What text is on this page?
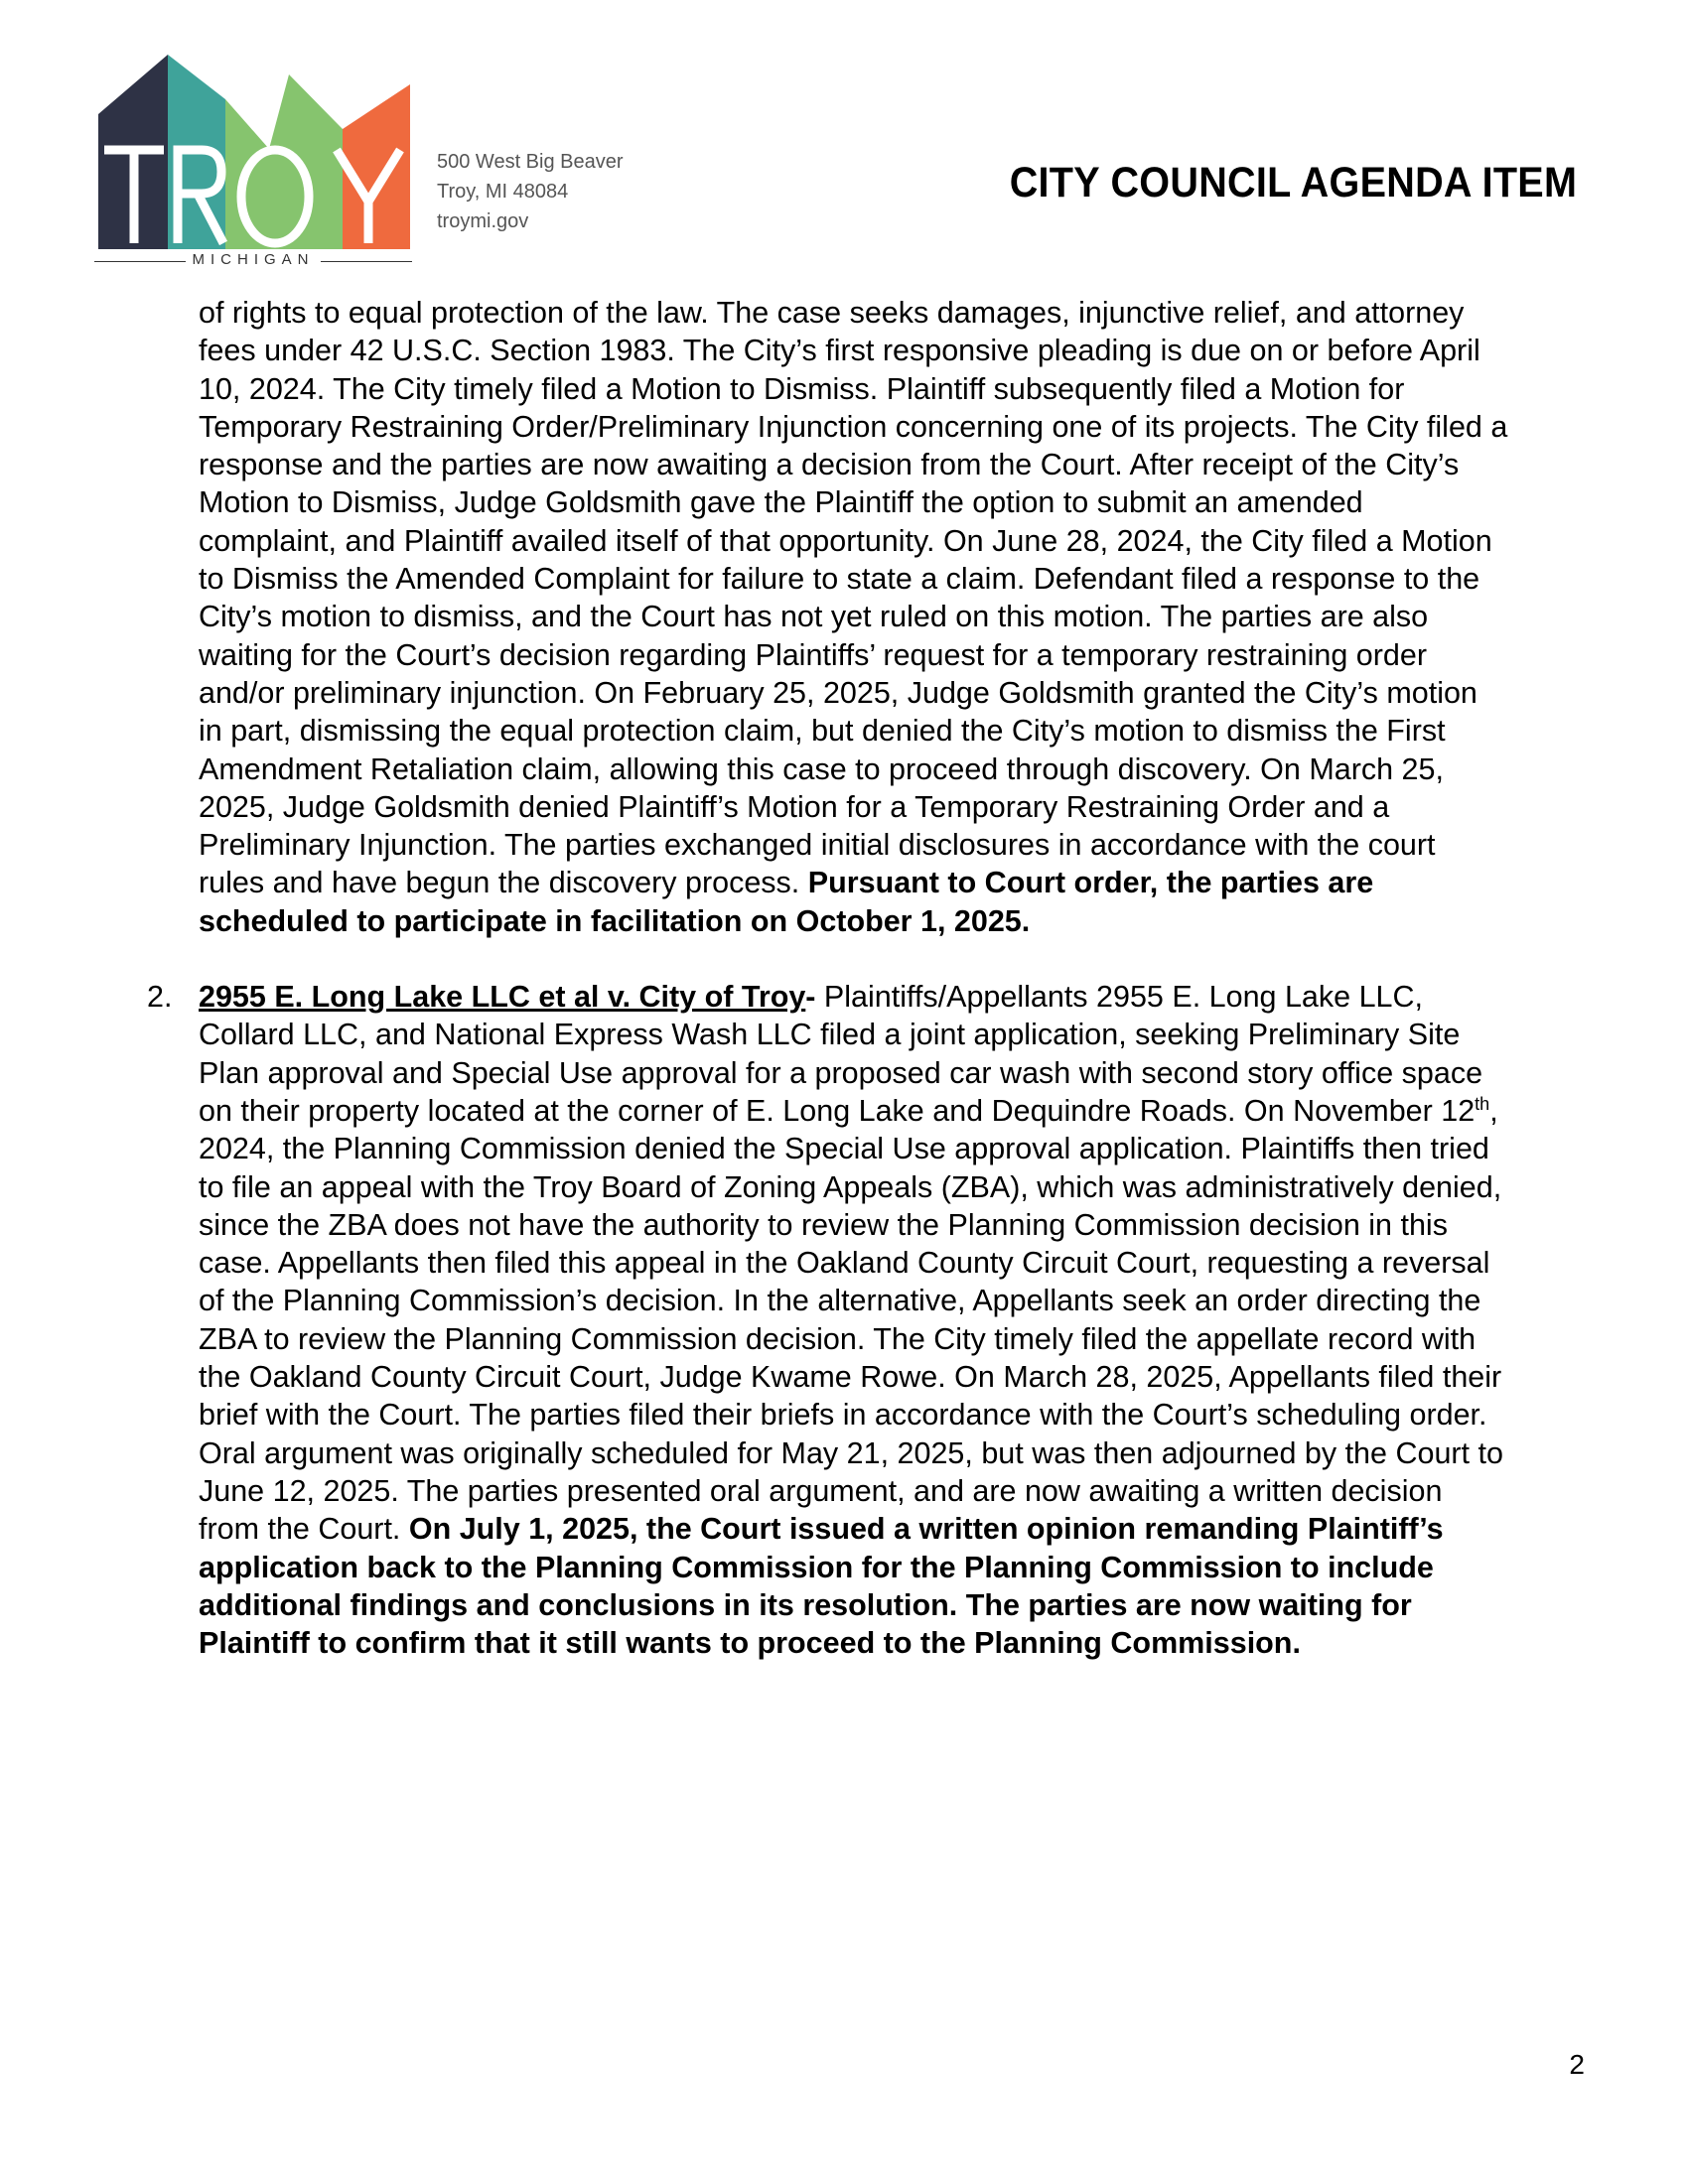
MICHIGAN
500 West Big Beaver
Troy, MI 48084
troymi.gov
CITY COUNCIL AGENDA ITEM

of rights to equal protection of the law. The case seeks damages, injunctive relief, and attorney fees under 42 U.S.C. Section 1983. The City’s first responsive pleading is due on or before April 10, 2024. The City timely filed a Motion to Dismiss. Plaintiff subsequently filed a Motion for Temporary Restraining Order/Preliminary Injunction concerning one of its projects. The City filed a response and the parties are now awaiting a decision from the Court. After receipt of the City’s Motion to Dismiss, Judge Goldsmith gave the Plaintiff the option to submit an amended complaint, and Plaintiff availed itself of that opportunity. On June 28, 2024, the City filed a Motion to Dismiss the Amended Complaint for failure to state a claim. Defendant filed a response to the City’s motion to dismiss, and the Court has not yet ruled on this motion. The parties are also waiting for the Court’s decision regarding Plaintiffs’ request for a temporary restraining order and/or preliminary injunction. On February 25, 2025, Judge Goldsmith granted the City’s motion in part, dismissing the equal protection claim, but denied the City’s motion to dismiss the First Amendment Retaliation claim, allowing this case to proceed through discovery. On March 25, 2025, Judge Goldsmith denied Plaintiff’s Motion for a Temporary Restraining Order and a Preliminary Injunction. The parties exchanged initial disclosures in accordance with the court rules and have begun the discovery process. Pursuant to Court order, the parties are scheduled to participate in facilitation on October 1, 2025.

2. 2955 E. Long Lake LLC et al v. City of Troy- Plaintiffs/Appellants 2955 E. Long Lake LLC, Collard LLC, and National Express Wash LLC filed a joint application, seeking Preliminary Site Plan approval and Special Use approval for a proposed car wash with second story office space on their property located at the corner of E. Long Lake and Dequindre Roads. On November 12th, 2024, the Planning Commission denied the Special Use approval application. Plaintiffs then tried to file an appeal with the Troy Board of Zoning Appeals (ZBA), which was administratively denied, since the ZBA does not have the authority to review the Planning Commission decision in this case. Appellants then filed this appeal in the Oakland County Circuit Court, requesting a reversal of the Planning Commission’s decision. In the alternative, Appellants seek an order directing the ZBA to review the Planning Commission decision. The City timely filed the appellate record with the Oakland County Circuit Court, Judge Kwame Rowe. On March 28, 2025, Appellants filed their brief with the Court. The parties filed their briefs in accordance with the Court’s scheduling order. Oral argument was originally scheduled for May 21, 2025, but was then adjourned by the Court to June 12, 2025. The parties presented oral argument, and are now awaiting a written decision from the Court. On July 1, 2025, the Court issued a written opinion remanding Plaintiff’s application back to the Planning Commission for the Planning Commission to include additional findings and conclusions in its resolution. The parties are now waiting for Plaintiff to confirm that it still wants to proceed to the Planning Commission.

2
